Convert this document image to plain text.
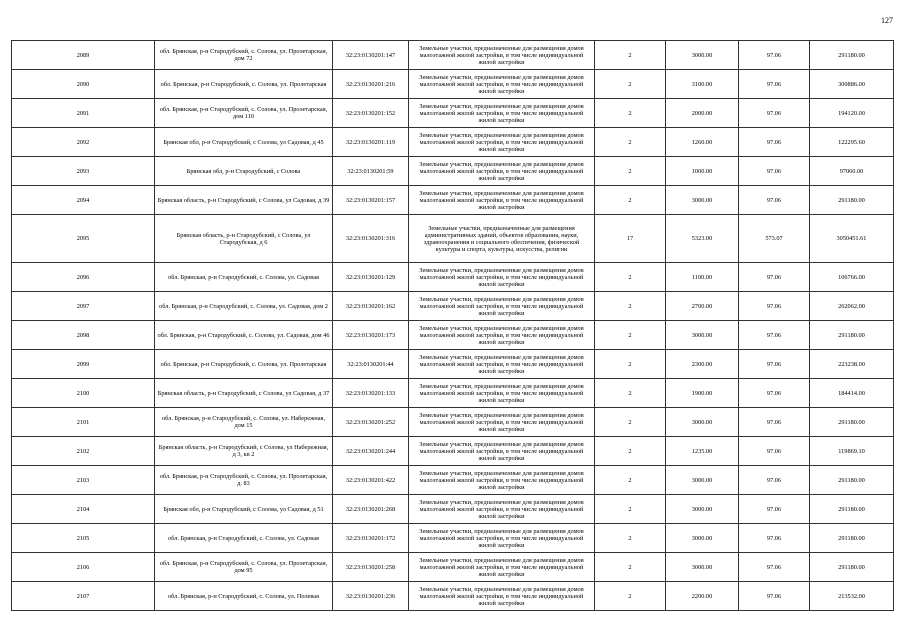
127
2089	обл. Брянская, р-н Стародубский, с. Солова, ул. Пролетарская, дом 72	32:23:0130201:147	Земельные участки, предназначенные для размещения домов малоэтажной жилой застройки, в том числе индивидуальной жилой застройки	2	3000.00	97.06	291180.00
2090	обл. Брянская, р-н Стародубский, с. Солова, ул. Пролетарская	32:23:0130201:216	Земельные участки, предназначенные для размещения домов малоэтажной жилой застройки, в том числе индивидуальной жилой застройки	2	3100.00	97.06	300886.00
2091	обл. Брянская, р-н Стародубский, с. Солова, ул. Пролетарская, дом 110	32:23:0130201:152	Земельные участки, предназначенные для размещения домов малоэтажной жилой застройки, в том числе индивидуальной жилой застройки	2	2000.00	97.06	194120.00
2092	Брянская обл, р-н Стародубский, с Солова, ул Садовая, д 45	32:23:0130201:119	Земельные участки, предназначенные для размещения домов малоэтажной жилой застройки, в том числе индивидуальной жилой застройки	2	1260.00	97.06	122295.60
2093	Брянская обл, р-н Стародубский, с Солова	32:23:0130201:59	Земельные участки, предназначенные для размещения домов малоэтажной жилой застройки, в том числе индивидуальной жилой застройки	2	1000.00	97.06	97060.00
2094	Брянская область, р-н Стародубский, с Солова, ул Садовая, д 39	32:23:0130201:157	Земельные участки, предназначенные для размещения домов малоэтажной жилой застройки, в том числе индивидуальной жилой застройки	2	3000.00	97.06	291180.00
2095	Брянская область, р-н Стародубский, с Солова, ул Стародубская, д 6	32:23:0130201:316	Земельные участки, предназначенные для размещения административных зданий, объектов образования, науки, здравоохранения и социального обеспечения, физической культуры и спорта, культуры, искусства, религии	17	5323.00	573.07	3050451.61
2096	обл. Брянская, р-н Стародубский, с. Солова, ул. Садовая	32:23:0130201:129	Земельные участки, предназначенные для размещения домов малоэтажной жилой застройки, в том числе индивидуальной жилой застройки	2	1100.00	97.06	106766.00
2097	обл. Брянская, р-н Стародубский, с. Солова, ул. Садовая, дом 2	32:23:0130201:162	Земельные участки, предназначенные для размещения домов малоэтажной жилой застройки, в том числе индивидуальной жилой застройки	2	2700.00	97.06	262062.00
2098	обл. Брянская, р-н Стародубский, с. Солова, ул. Садовая, дом 46	32:23:0130201:173	Земельные участки, предназначенные для размещения домов малоэтажной жилой застройки, в том числе индивидуальной жилой застройки	2	3000.00	97.06	291180.00
2099	обл. Брянская, р-н Стародубский, с. Солова, ул. Пролетарская	32:23:0130201:44	Земельные участки, предназначенные для размещения домов малоэтажной жилой застройки, в том числе индивидуальной жилой застройки	2	2300.00	97.06	223238.00
2100	Брянская область, р-н Стародубский, с Солова, ул Садовая, д 37	32:23:0130201:133	Земельные участки, предназначенные для размещения домов малоэтажной жилой застройки, в том числе индивидуальной жилой застройки	2	1900.00	97.06	184414.00
2101	обл. Брянская, р-н Стародубский, с. Солова, ул. Набережная, дом 15	32:23:0130201:252	Земельные участки, предназначенные для размещения домов малоэтажной жилой застройки, в том числе индивидуальной жилой застройки	2	3000.00	97.06	291180.00
2102	Брянская область, р-н Стародубский, с Солова, ул Набережная, д 3, кв 2	32:23:0130201:244	Земельные участки, предназначенные для размещения домов малоэтажной жилой застройки, в том числе индивидуальной жилой застройки	2	1235.00	97.06	119869.10
2103	обл. Брянская, р-н Стародубский, с. Солова, ул. Пролетарская, д. 83	32:23:0130201:422	Земельные участки, предназначенные для размещения домов малоэтажной жилой застройки, в том числе индивидуальной жилой застройки	2	3000.00	97.06	291180.00
2104	Брянская обл, р-н Стародубский, с Солова, ул Садовая, д 51	32:23:0130201:268	Земельные участки, предназначенные для размещения домов малоэтажной жилой застройки, в том числе индивидуальной жилой застройки	2	3000.00	97.06	291180.00
2105	обл. Брянская, р-н Стародубский, с. Солова, ул. Садовая	32:23:0130201:172	Земельные участки, предназначенные для размещения домов малоэтажной жилой застройки, в том числе индивидуальной жилой застройки	2	3000.00	97.06	291180.00
2106	обл. Брянская, р-н Стародубский, с. Солова, ул. Пролетарская, дом 95	32:23:0130201:258	Земельные участки, предназначенные для размещения домов малоэтажной жилой застройки, в том числе индивидуальной жилой застройки	2	3000.00	97.06	291180.00
2107	обл. Брянская, р-н Стародубский, с. Солова, ул. Полевая	32:23:0130201:236	Земельные участки, предназначенные для размещения домов малоэтажной жилой застройки, в том числе индивидуальной жилой застройки	2	2200.00	97.06	213532.00
